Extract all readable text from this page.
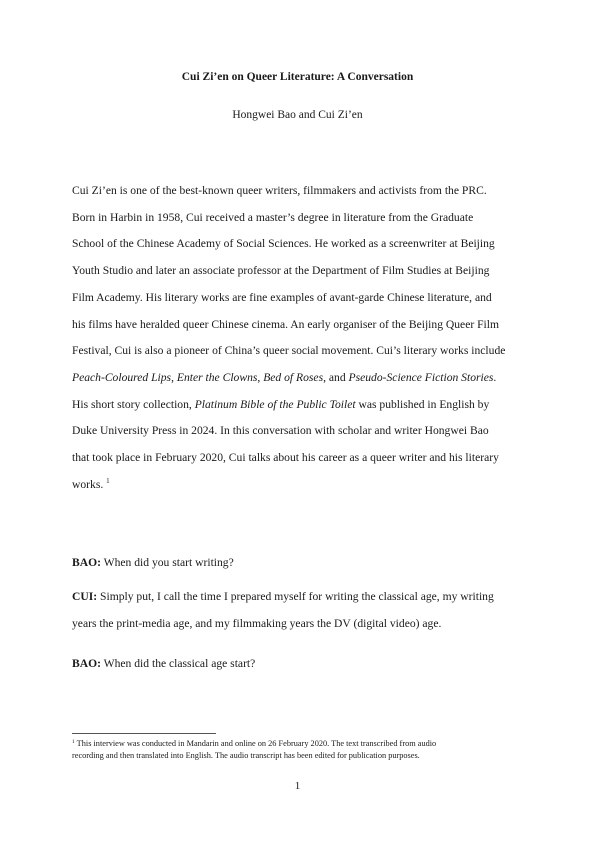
Cui Zi’en on Queer Literature: A Conversation
Hongwei Bao and Cui Zi’en

Cui Zi’en is one of the best-known queer writers, filmmakers and activists from the PRC.
Born in Harbin in 1958, Cui received a master’s degree in literature from the Graduate
School of the Chinese Academy of Social Sciences. He worked as a screenwriter at Beijing
Youth Studio and later an associate professor at the Department of Film Studies at Beijing
Film Academy. His literary works are fine examples of avant-garde Chinese literature, and
his films have heralded queer Chinese cinema. An early organiser of the Beijing Queer Film
Festival, Cui is also a pioneer of China’s queer social movement. Cui’s literary works include
Peach-Coloured Lips, Enter the Clowns, Bed of Roses, and Pseudo-Science Fiction Stories.
His short story collection, Platinum Bible of the Public Toilet was published in English by
Duke University Press in 2024. In this conversation with scholar and writer Hongwei Bao
that took place in February 2020, Cui talks about his career as a queer writer and his literary
works. $^1$

BAO: When did you start writing?

CUI: Simply put, I call the time I prepared myself for writing the classical age, my writing
years the print-media age, and my filmmaking years the DV (digital video) age.

BAO: When did the classical age start?

$^1$ This interview was conducted in Mandarin and online on 26 February 2020. The text transcribed from audio
recording and then translated into English. The audio transcript has been edited for publication purposes.

1
